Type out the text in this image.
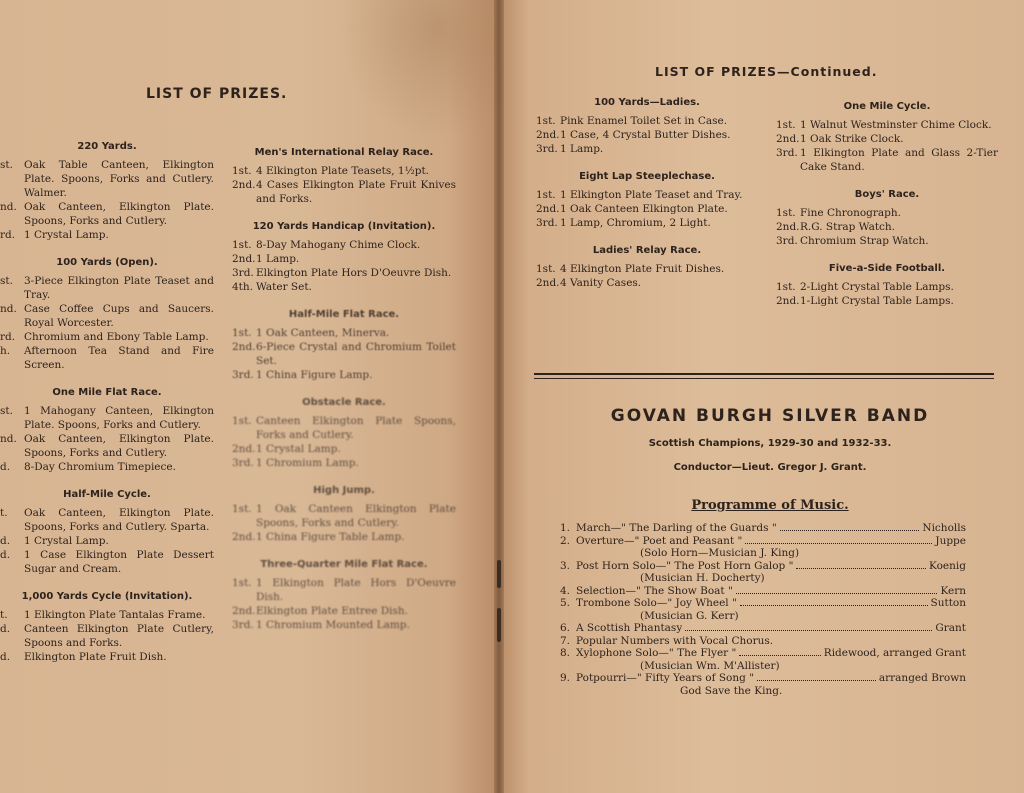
LIST OF PRIZES.
220 Yards.
st.	Oak Table Canteen, Elkington Plate. Spoons, Forks and Cutlery. Walmer.
nd. Oak Canteen, Elkington Plate. Spoons, Forks and Cutlery.
rd. 1 Crystal Lamp.
100 Yards (Open).
st.	3-Piece Elkington Plate Teaset and Tray.
nd. Case Coffee Cups and Saucers. Royal Worcester.
rd. Chromium and Ebony Table Lamp.
h.	Afternoon Tea Stand and Fire Screen.
One Mile Flat Race.
st.	1 Mahogany Canteen, Elkington Plate. Spoons, Forks and Cutlery.
nd. Oak Canteen, Elkington Plate. Spoons, Forks and Cutlery.
d.	8-Day Chromium Timepiece.
Half-Mile Cycle.
t.	Oak Canteen, Elkington Plate. Spoons, Forks and Cutlery. Sparta.
d.	1 Crystal Lamp.
d.	1 Case Elkington Plate Dessert Sugar and Cream.
1,000 Yards Cycle (Invitation).
t.	1 Elkington Plate Tantalas Frame.
d.	Canteen Elkington Plate Cutlery, Spoons and Forks.
d.	Elkington Plate Fruit Dish.
Men's International Relay Race.
1st. 4 Elkington Plate Teasets, 1½pt.
2nd. 4 Cases Elkington Plate Fruit Knives and Forks.
120 Yards Handicap (Invitation).
1st. 8-Day Mahogany Chime Clock.
2nd. 1 Lamp.
3rd. Elkington Plate Hors D'Oeuvre Dish.
4th. Water Set.
Half-Mile Flat Race.
1st. 1 Oak Canteen, Minerva.
2nd. 6-Piece Crystal and Chromium Toilet Set.
3rd. 1 China Figure Lamp.
Obstacle Race.
1st. Canteen Elkington Plate Spoons, Forks and Cutlery.
2nd. 1 Crystal Lamp.
3rd. 1 Chromium Lamp.
High Jump.
1st. 1 Oak Canteen Elkington Plate Spoons, Forks and Cutlery.
2nd. 1 China Figure Table Lamp.
Three-Quarter Mile Flat Race.
1st. 1 Elkington Plate Hors D'Oeuvre Dish.
2nd. Elkington Plate Entree Dish.
3rd. 1 Chromium Mounted Lamp.
LIST OF PRIZES—Continued.
100 Yards—Ladies.
1st. Pink Enamel Toilet Set in Case.
2nd. 1 Case, 4 Crystal Butter Dishes.
3rd. 1 Lamp.
Eight Lap Steeplechase.
1st. 1 Elkington Plate Teaset and Tray.
2nd. 1 Oak Canteen Elkington Plate.
3rd. 1 Lamp, Chromium, 2 Light.
Ladies' Relay Race.
1st. 4 Elkington Plate Fruit Dishes.
2nd. 4 Vanity Cases.
One Mile Cycle.
1st. 1 Walnut Westminster Chime Clock.
2nd. 1 Oak Strike Clock.
3rd. 1 Elkington Plate and Glass 2-Tier Cake Stand.
Boys' Race.
1st. Fine Chronograph.
2nd. R.G. Strap Watch.
3rd. Chromium Strap Watch.
Five-a-Side Football.
1st. 2-Light Crystal Table Lamps.
2nd. 1-Light Crystal Table Lamps.
GOVAN BURGH SILVER BAND
Scottish Champions, 1929-30 and 1932-33.
Conductor—Lieut. Gregor J. Grant.
Programme of Music.
1. March—" The Darling of the Guards "	Nicholls
2. Overture—" Poet and Peasant "	Juppe
(Solo Horn—Musician J. King)
3. Post Horn Solo—" The Post Horn Galop "	Koenig
(Musician H. Docherty)
4. Selection—" The Show Boat "	Kern
5. Trombone Solo—" Joy Wheel "	Sutton
(Musician G. Kerr)
6. A Scottish Phantasy	Grant
7. Popular Numbers with Vocal Chorus.
8. Xylophone Solo—" The Flyer "	Ridewood, arranged Grant
(Musician Wm. M'Allister)
9. Potpourri—" Fifty Years of Song "	arranged Brown
God Save the King.
